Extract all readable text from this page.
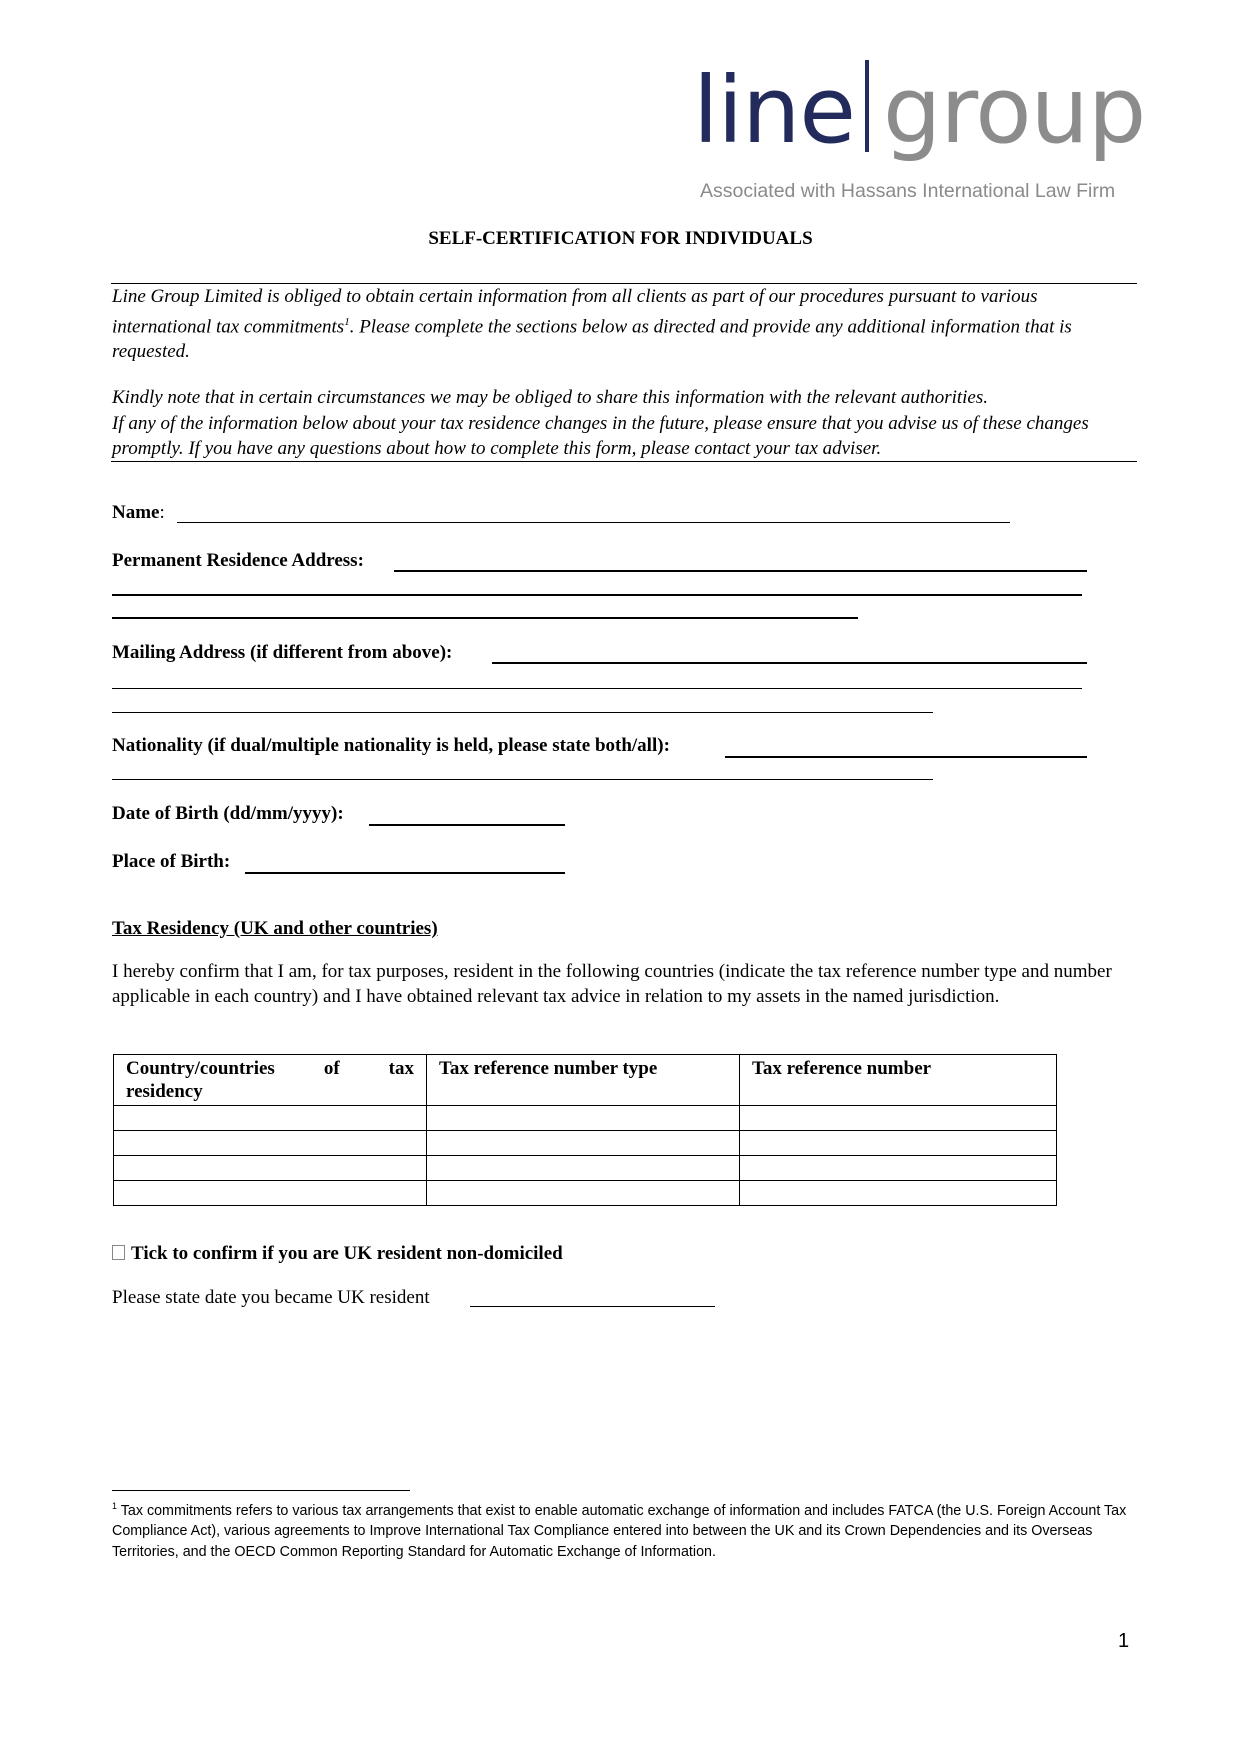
line group
Associated with Hassans International Law Firm
SELF-CERTIFICATION FOR INDIVIDUALS

Line Group Limited is obliged to obtain certain information from all clients as part of our procedures pursuant to various international tax commitments$^1$. Please complete the sections below as directed and provide any additional information that is requested.

Kindly note that in certain circumstances we may be obliged to share this information with the relevant authorities.

If any of the information below about your tax residence changes in the future, please ensure that you advise us of these changes promptly. If you have any questions about how to complete this form, please contact your tax adviser.

Name:
Permanent Residence Address:
Mailing Address (if different from above):
Nationality (if dual/multiple nationality is held, please state both/all):
Date of Birth (dd/mm/yyyy):
Place of Birth:
Tax Residency (UK and other countries)
I hereby confirm that I am, for tax purposes, resident in the following countries (indicate the tax reference number type and number applicable in each country) and I have obtained relevant tax advice in relation to my assets in the named jurisdiction.
Country/countries of tax
residency	Tax reference number type	Tax reference number

Tick to confirm if you are UK resident non-domiciled
Please state date you became UK resident
$^1$ Tax commitments refers to various tax arrangements that exist to enable automatic exchange of information and includes FATCA (the U.S. Foreign Account Tax Compliance Act), various agreements to Improve International Tax Compliance entered into between the UK and its Crown Dependencies and its Overseas Territories, and the OECD Common Reporting Standard for Automatic Exchange of Information.
1
